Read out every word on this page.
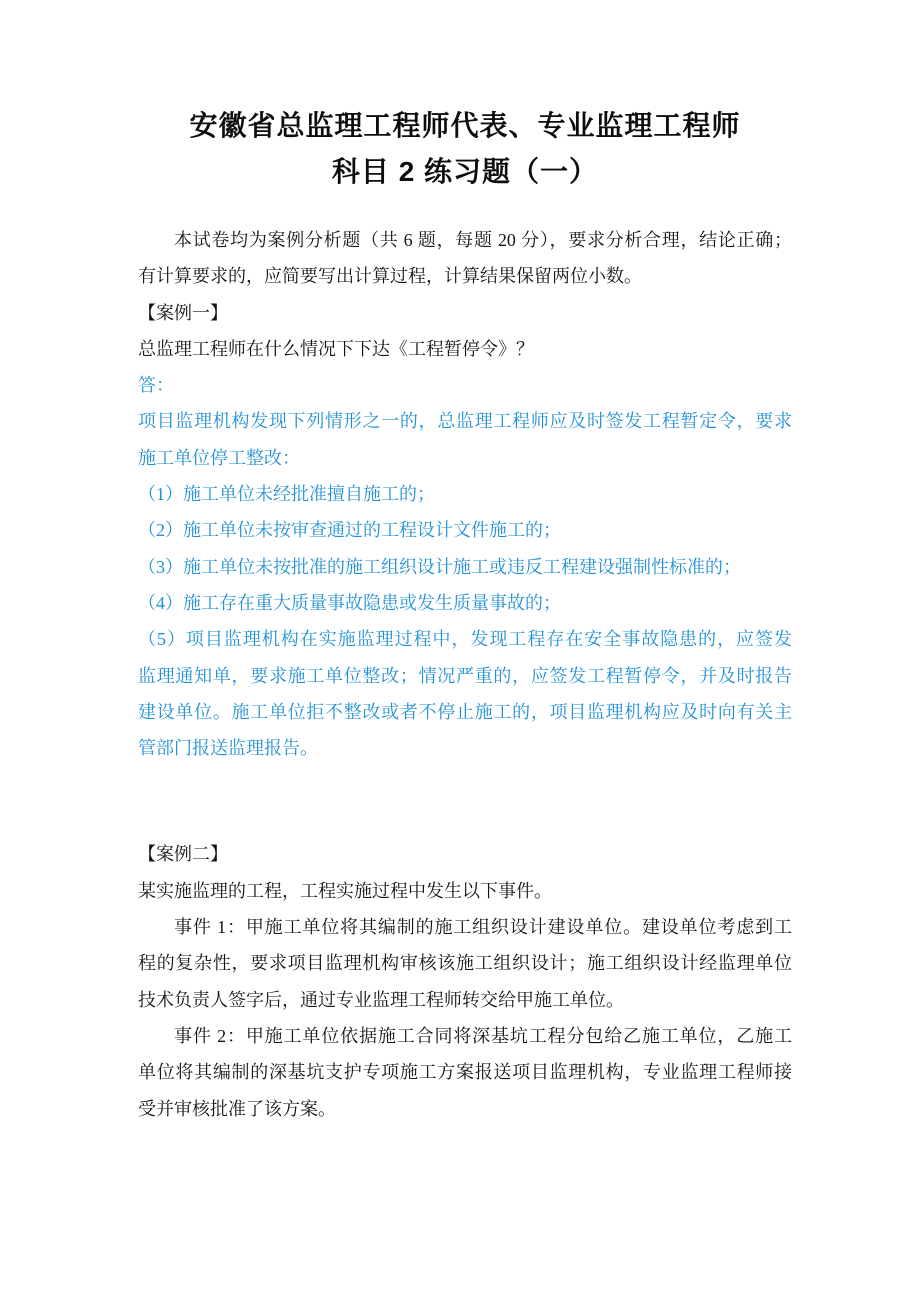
安徽省总监理工程师代表、专业监理工程师
科目 2 练习题（一）
本试卷均为案例分析题（共 6 题，每题 20 分），要求分析合理，结论正确；
有计算要求的，应简要写出计算过程，计算结果保留两位小数。
【案例一】
总监理工程师在什么情况下下达《工程暂停令》？
答：
项目监理机构发现下列情形之一的，总监理工程师应及时签发工程暂定令，要求
施工单位停工整改：
（1）施工单位未经批准擅自施工的；
（2）施工单位未按审查通过的工程设计文件施工的；
（3）施工单位未按批准的施工组织设计施工或违反工程建设强制性标准的；
（4）施工存在重大质量事故隐患或发生质量事故的；
（5）项目监理机构在实施监理过程中，发现工程存在安全事故隐患的，应签发
监理通知单，要求施工单位整改；情况严重的，应签发工程暂停令，并及时报告
建设单位。施工单位拒不整改或者不停止施工的，项目监理机构应及时向有关主
管部门报送监理报告。
【案例二】
某实施监理的工程，工程实施过程中发生以下事件。
事件 1：甲施工单位将其编制的施工组织设计建设单位。建设单位考虑到工
程的复杂性，要求项目监理机构审核该施工组织设计；施工组织设计经监理单位
技术负责人签字后，通过专业监理工程师转交给甲施工单位。
事件 2：甲施工单位依据施工合同将深基坑工程分包给乙施工单位，乙施工
单位将其编制的深基坑支护专项施工方案报送项目监理机构，专业监理工程师接
受并审核批准了该方案。
